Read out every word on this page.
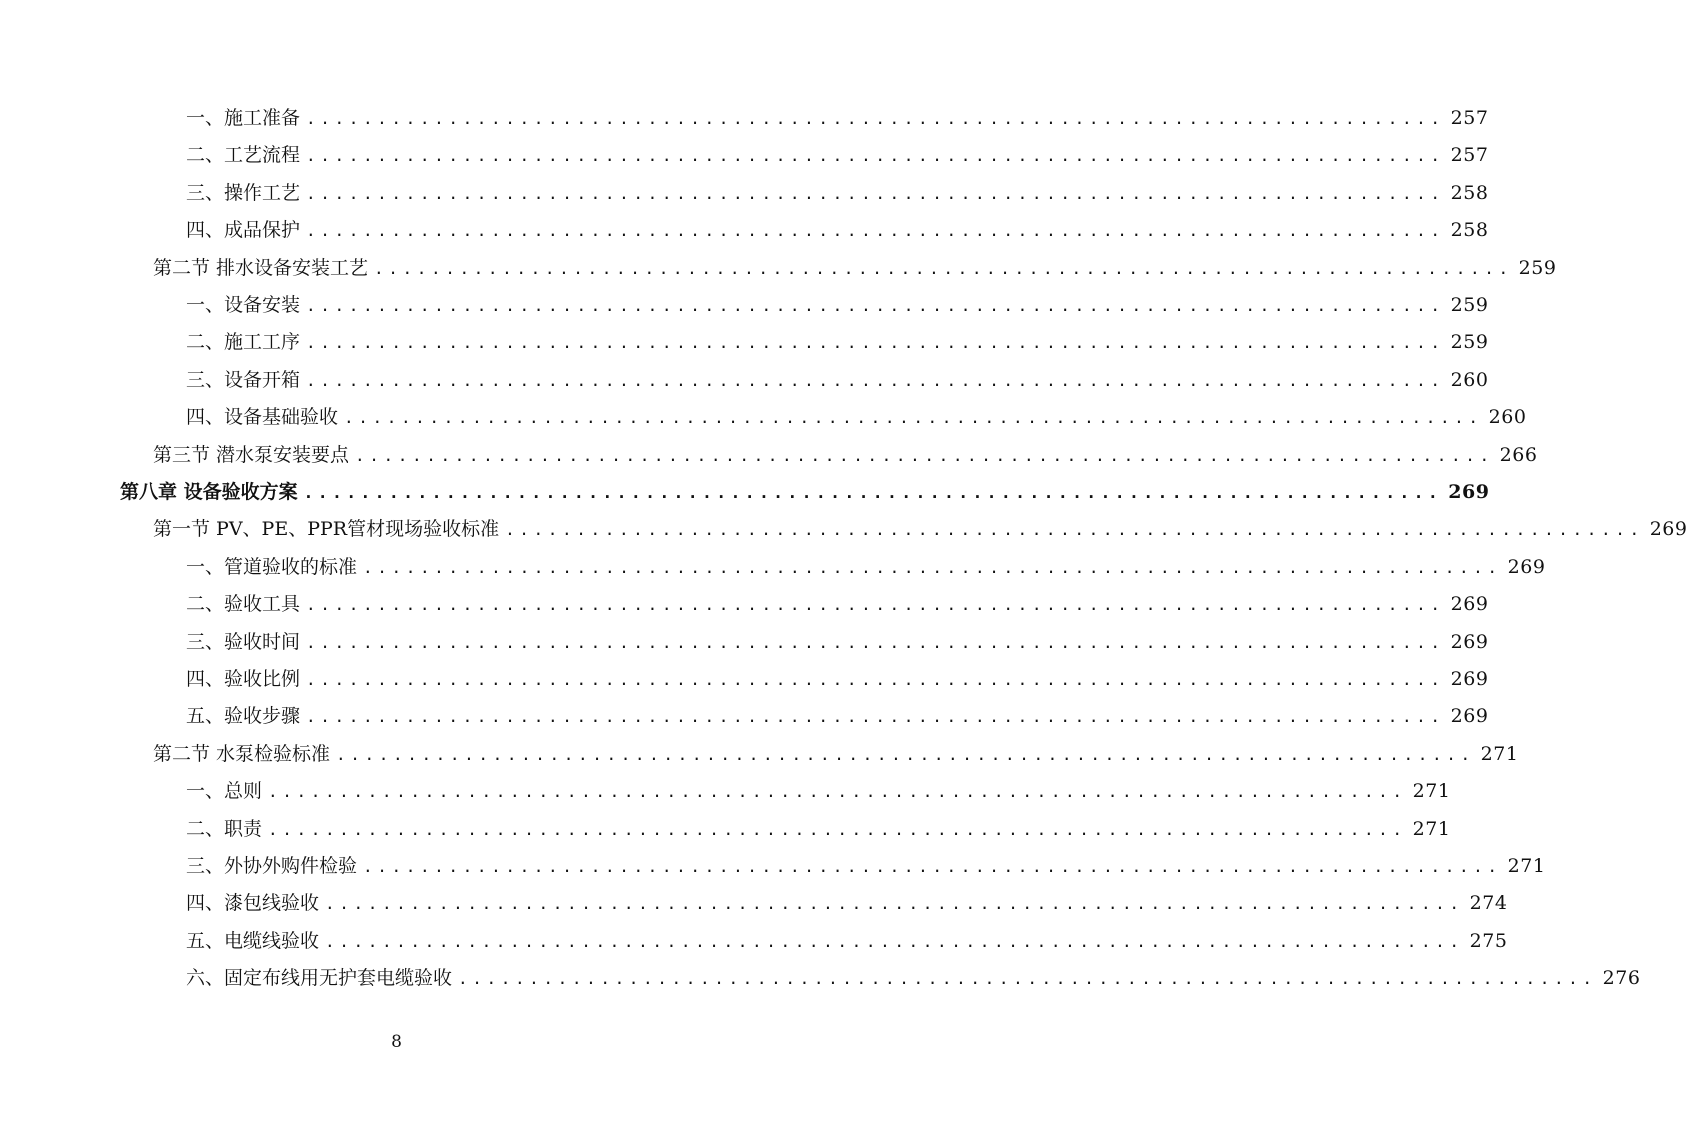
一、施工准备 ................................................................................ 257
二、工艺流程 ................................................................................ 257
三、操作工艺 ................................................................................ 258
四、成品保护 ................................................................................ 258
第二节 排水设备安装工艺 ................................................................................ 259
一、设备安装 ................................................................................ 259
二、施工工序 ................................................................................ 259
三、设备开箱 ................................................................................ 260
四、设备基础验收 ................................................................................ 260
第三节 潜水泵安装要点 ................................................................................ 266
第八章 设备验收方案 ................................................................................ 269
第一节 PV、PE、PPR管材现场验收标准 ................................................................................ 269
一、管道验收的标准 ................................................................................ 269
二、验收工具 ................................................................................ 269
三、验收时间 ................................................................................ 269
四、验收比例 ................................................................................ 269
五、验收步骤 ................................................................................ 269
第二节 水泵检验标准 ................................................................................ 271
一、总则 ................................................................................ 271
二、职责 ................................................................................ 271
三、外协外购件检验 ................................................................................ 271
四、漆包线验收 ................................................................................ 274
五、电缆线验收 ................................................................................ 275
六、固定布线用无护套电缆验收 ................................................................................ 276
8
